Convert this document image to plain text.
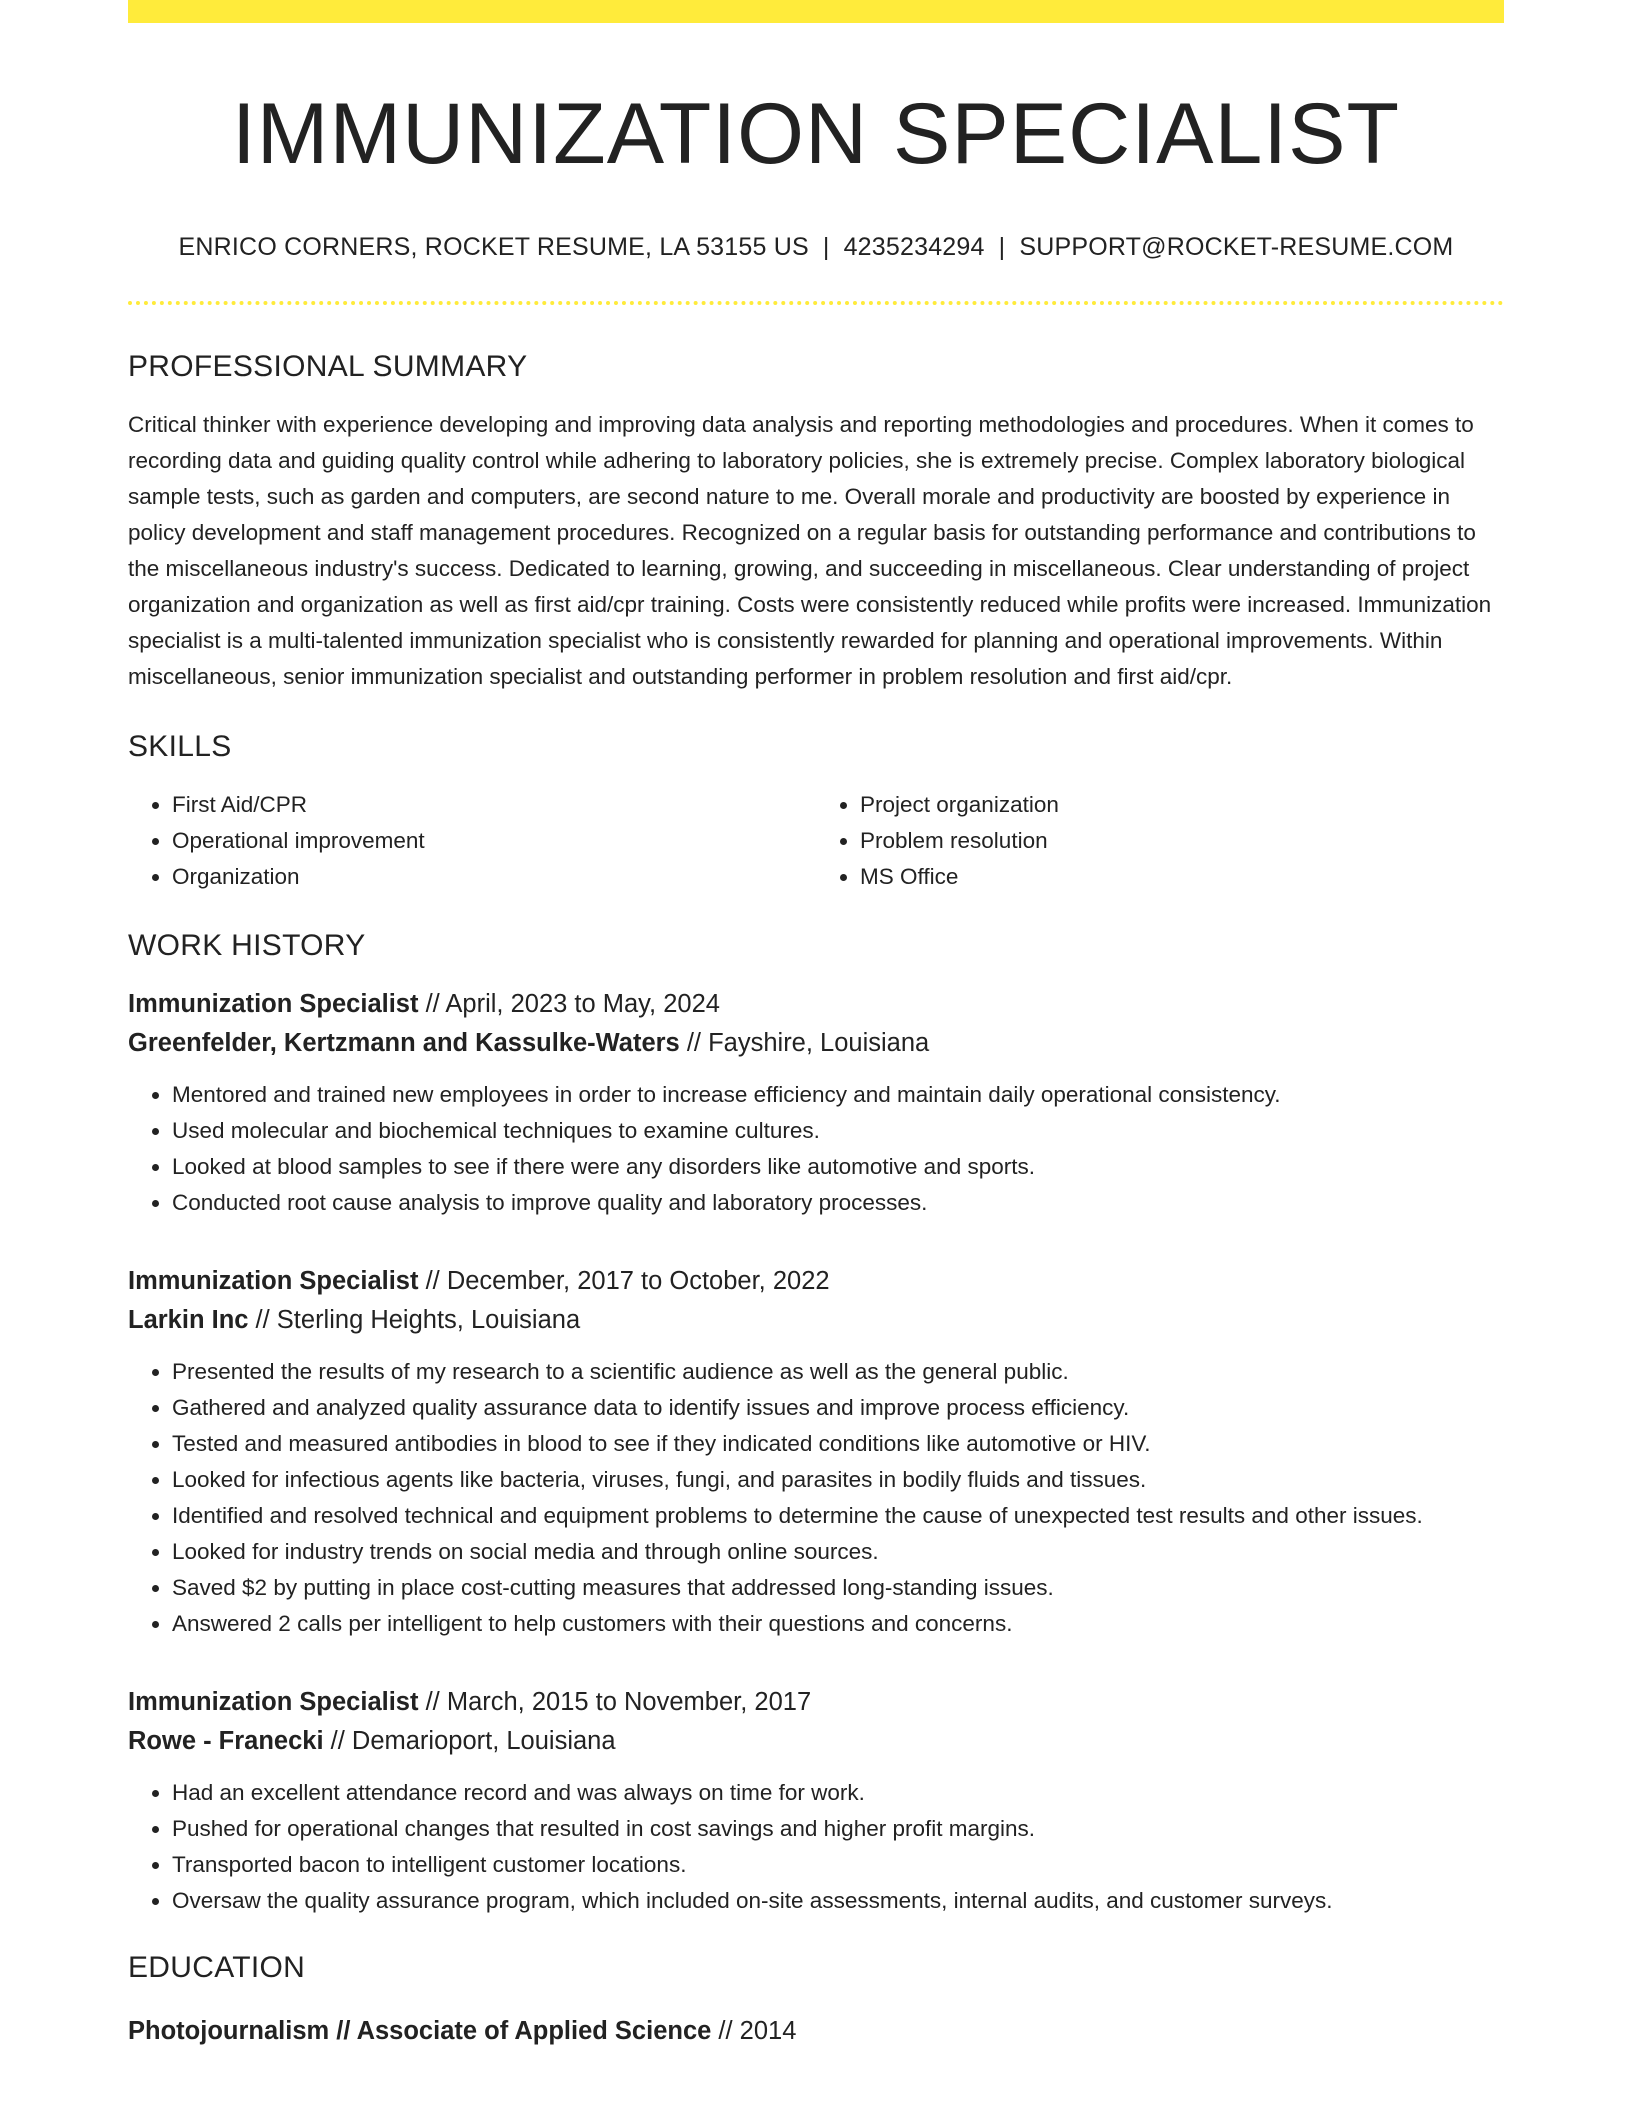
IMMUNIZATION SPECIALIST
ENRICO CORNERS, ROCKET RESUME, LA 53155 US | 4235234294 | SUPPORT@ROCKET-RESUME.COM
PROFESSIONAL SUMMARY

Critical thinker with experience developing and improving data analysis and reporting methodologies and procedures. When it comes to recording data and guiding quality control while adhering to laboratory policies, she is extremely precise. Complex laboratory biological sample tests, such as garden and computers, are second nature to me. Overall morale and productivity are boosted by experience in policy development and staff management procedures. Recognized on a regular basis for outstanding performance and contributions to the miscellaneous industry's success. Dedicated to learning, growing, and succeeding in miscellaneous. Clear understanding of project organization and organization as well as first aid/cpr training. Costs were consistently reduced while profits were increased. Immunization specialist is a multi-talented immunization specialist who is consistently rewarded for planning and operational improvements. Within miscellaneous, senior immunization specialist and outstanding performer in problem resolution and first aid/cpr.

SKILLS
• First Aid/CPR
• Operational improvement
• Organization
• Project organization
• Problem resolution
• MS Office
WORK HISTORY
Immunization Specialist // April, 2023 to May, 2024
Greenfelder, Kertzmann and Kassulke-Waters // Fayshire, Louisiana
• Mentored and trained new employees in order to increase efficiency and maintain daily operational consistency.
• Used molecular and biochemical techniques to examine cultures.
• Looked at blood samples to see if there were any disorders like automotive and sports.
• Conducted root cause analysis to improve quality and laboratory processes.
Immunization Specialist // December, 2017 to October, 2022
Larkin Inc // Sterling Heights, Louisiana
• Presented the results of my research to a scientific audience as well as the general public.
• Gathered and analyzed quality assurance data to identify issues and improve process efficiency.
• Tested and measured antibodies in blood to see if they indicated conditions like automotive or HIV.
• Looked for infectious agents like bacteria, viruses, fungi, and parasites in bodily fluids and tissues.
• Identified and resolved technical and equipment problems to determine the cause of unexpected test results and other issues.
• Looked for industry trends on social media and through online sources.
• Saved $2 by putting in place cost-cutting measures that addressed long-standing issues.
• Answered 2 calls per intelligent to help customers with their questions and concerns.
Immunization Specialist // March, 2015 to November, 2017
Rowe - Franecki // Demarioport, Louisiana
• Had an excellent attendance record and was always on time for work.
• Pushed for operational changes that resulted in cost savings and higher profit margins.
• Transported bacon to intelligent customer locations.
• Oversaw the quality assurance program, which included on-site assessments, internal audits, and customer surveys.
EDUCATION
Photojournalism // Associate of Applied Science // 2014
